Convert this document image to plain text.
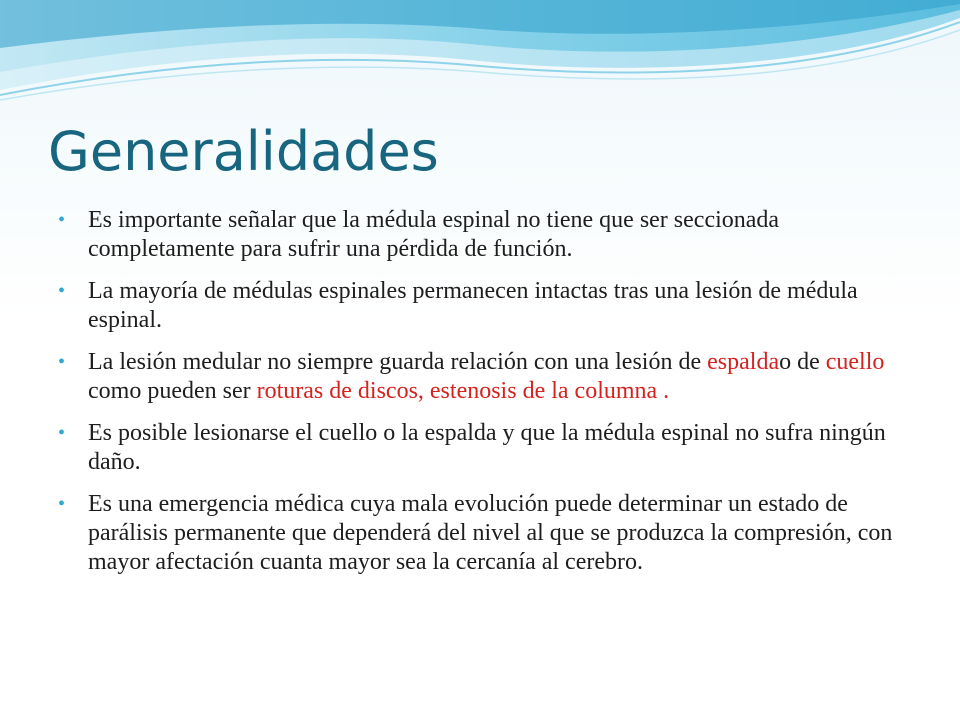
Generalidades
• Es importante señalar que la médula espinal no tiene que ser seccionada completamente para sufrir una pérdida de función.
• La mayoría de médulas espinales permanecen intactas tras una lesión de médula espinal.
• La lesión medular no siempre guarda relación con una lesión de espaldao de cuello como pueden ser roturas de discos, estenosis de la columna .
• Es posible lesionarse el cuello o la espalda y que la médula espinal no sufra ningún daño.
• Es una emergencia médica cuya mala evolución puede determinar un estado de parálisis permanente que dependerá del nivel al que se produzca la compresión, con mayor afectación cuanta mayor sea la cercanía al cerebro.
